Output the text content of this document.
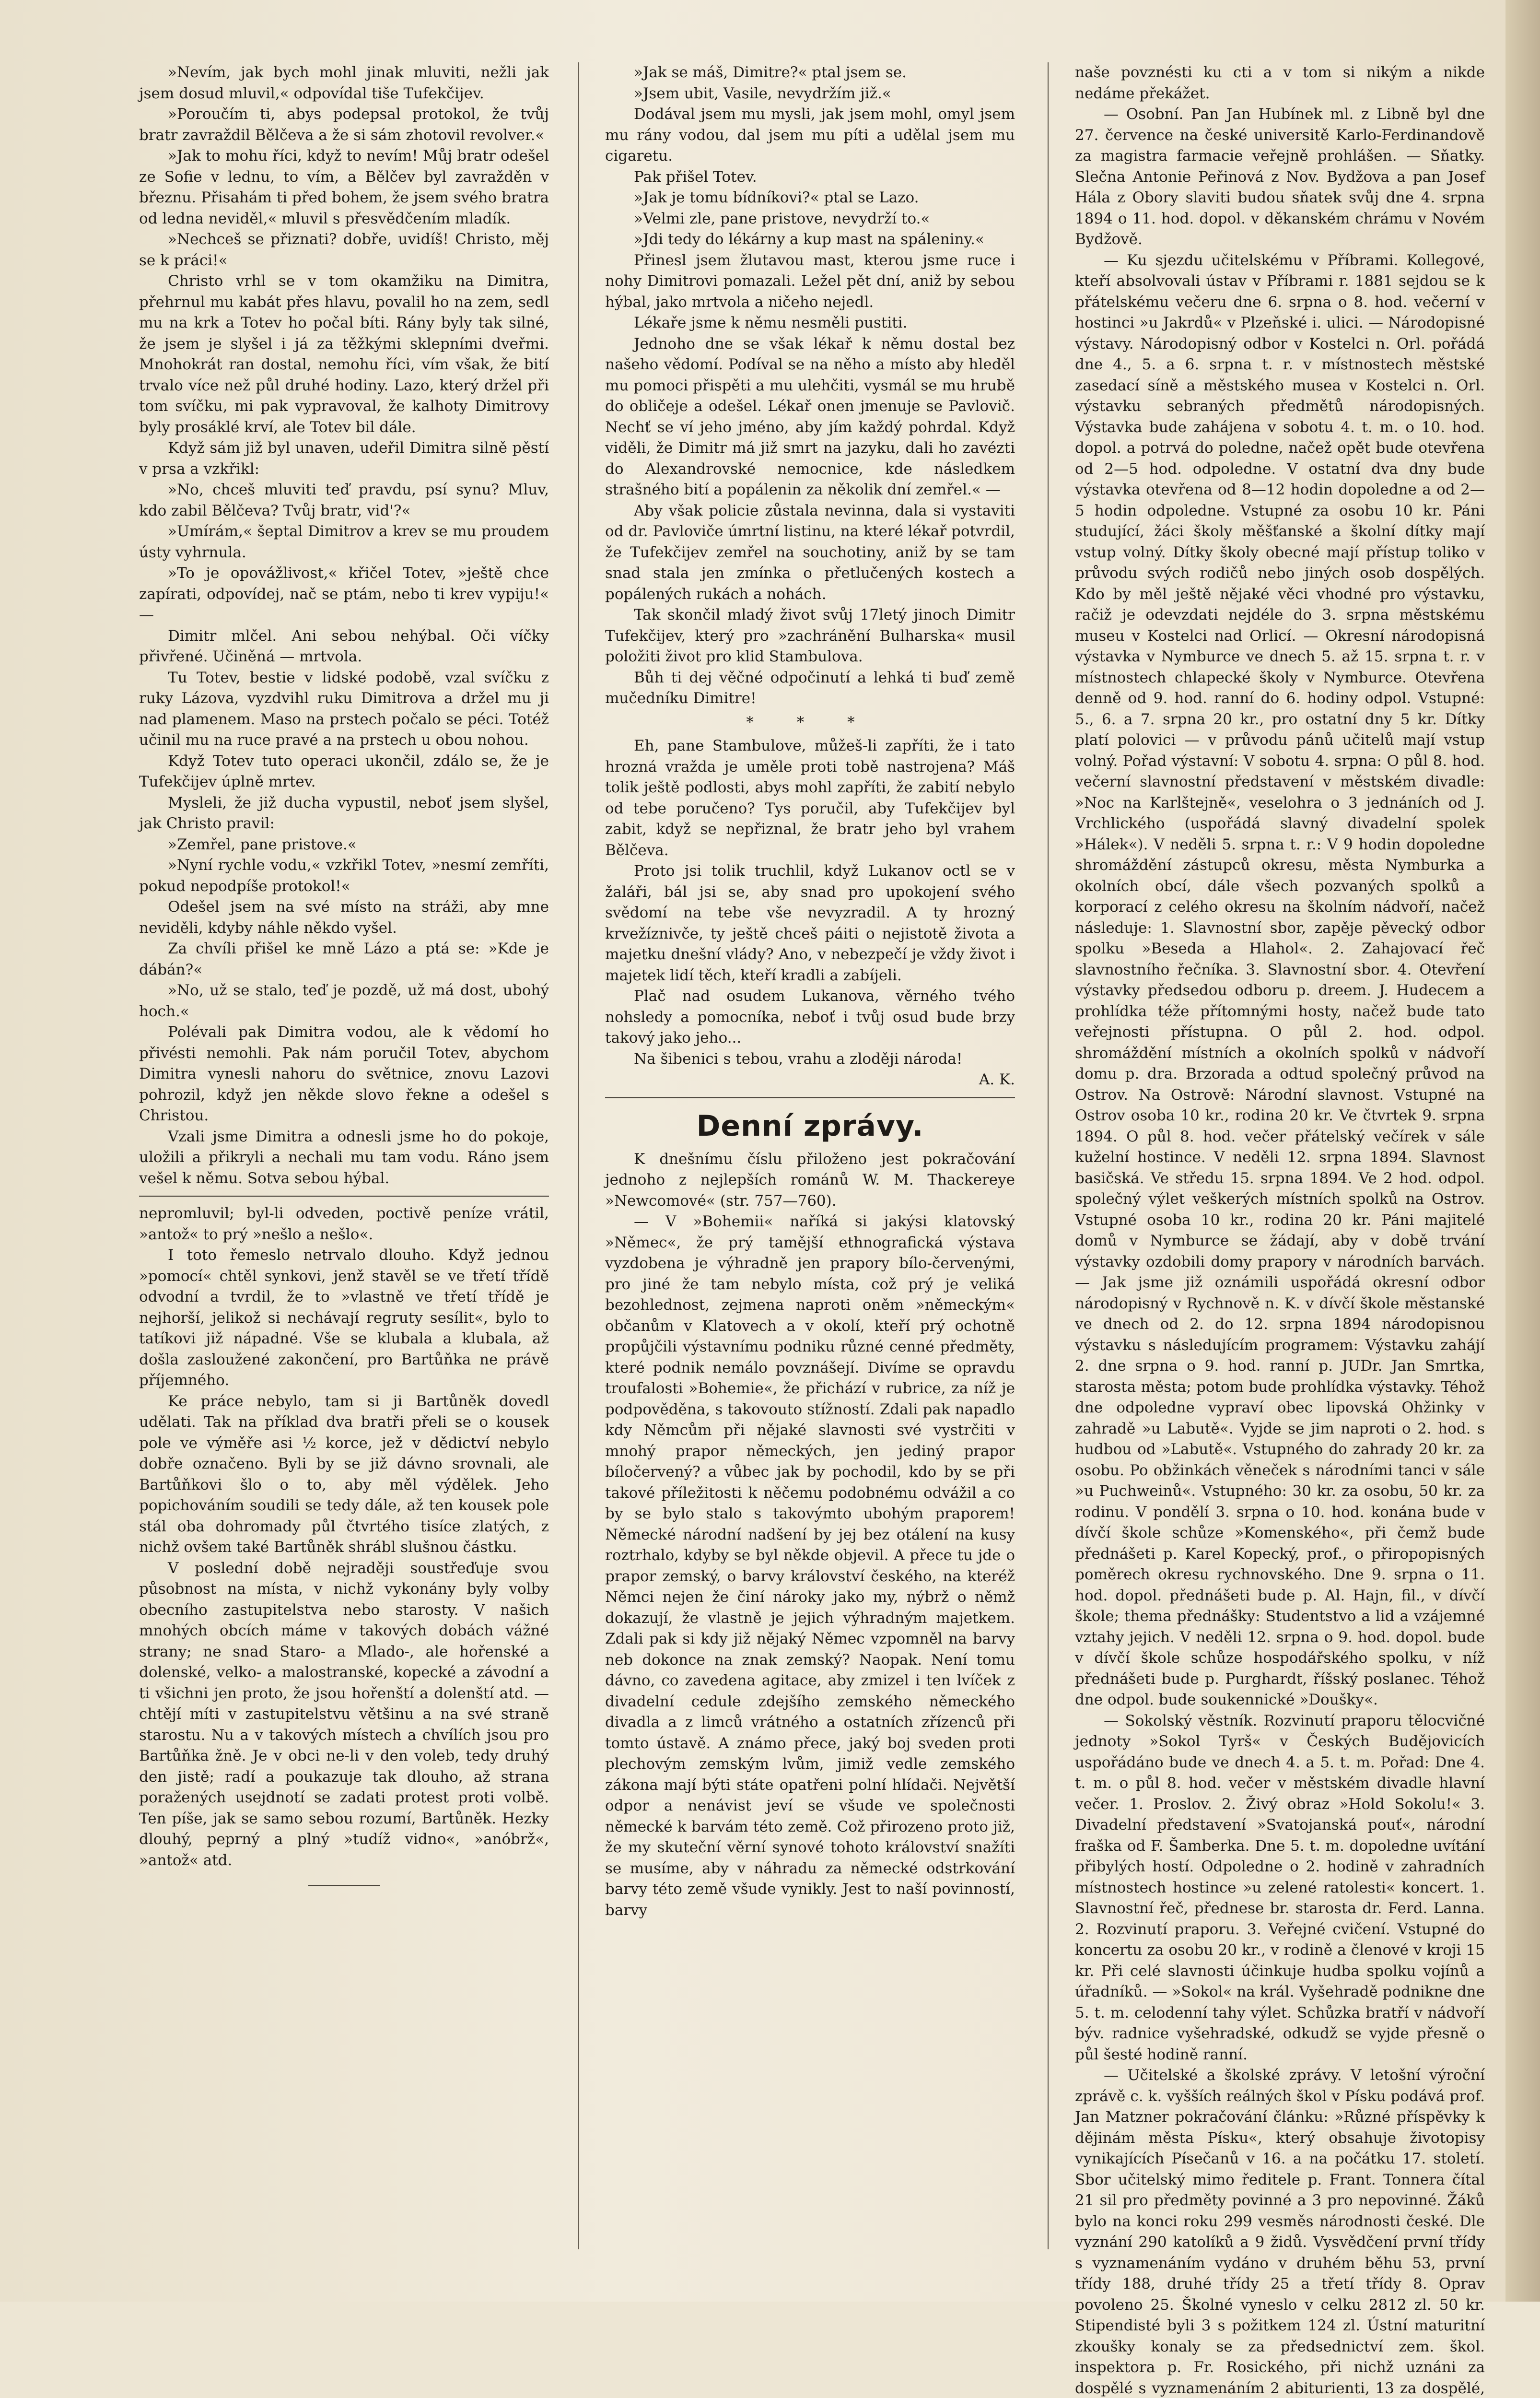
»Nevím, jak bych mohl jinak mluviti, nežli jak jsem dosud mluvil,« odpovídal tiše Tufekčijev.

»Poroučím ti, abys podepsal protokol, že tvůj bratr zavraždil Bělčeva a že si sám zhotovil revolver.«

»Jak to mohu říci, když to nevím! Můj bratr odešel ze Sofie v lednu, to vím, a Bělčev byl zavražděn v březnu. Přisahám ti před bohem, že jsem svého bratra od ledna neviděl,« mluvil s přesvědčením mladík.

»Nechceš se přiznati? dobře, uvidíš! Christo, měj se k práci!«

Christo vrhl se v tom okamžiku na Dimitra, přehrnul mu kabát přes hlavu, povalil ho na zem, sedl mu na krk a Totev ho počal bíti. Rány byly tak silné, že jsem je slyšel i já za těžkými sklepními dveřmi. Mnohokrát ran dostal, nemohu říci, vím však, že bití trvalo více než půl druhé hodiny. Lazo, který držel při tom svíčku, mi pak vypravoval, že kalhoty Dimitrovy byly prosáklé krví, ale Totev bil dále.

Když sám již byl unaven, udeřil Dimitra silně pěstí v prsa a vzkřikl:

»No, chceš mluviti teď pravdu, psí synu? Mluv, kdo zabil Bělčeva? Tvůj bratr, vid'?«

»Umírám,« šeptal Dimitrov a krev se mu proudem ústy vyhrnula.

»To je opovážlivost,« křičel Totev, »ještě chce zapírati, odpovídej, nač se ptám, nebo ti krev vypiju!« —

Dimitr mlčel. Ani sebou nehýbal. Oči víčky přivřené. Učiněná — mrtvola.

Tu Totev, bestie v lidské podobě, vzal svíčku z ruky Lázova, vyzdvihl ruku Dimitrova a držel mu ji nad plamenem. Maso na prstech počalo se péci. Totéž učinil mu na ruce pravé a na prstech u obou nohou.

Když Totev tuto operaci ukončil, zdálo se, že je Tufekčijev úplně mrtev.

Mysleli, že již ducha vypustil, neboť jsem slyšel, jak Christo pravil:

»Zemřel, pane pristove.«

»Nyní rychle vodu,« vzkřikl Totev, »nesmí zemříti, pokud nepodpíše protokol!«

Odešel jsem na své místo na stráži, aby mne neviděli, kdyby náhle někdo vyšel.

Za chvíli přišel ke mně Lázo a ptá se: »Kde je dábán?«

»No, už se stalo, teď je pozdě, už má dost, ubohý hoch.«

Polévali pak Dimitra vodou, ale k vědomí ho přivésti nemohli. Pak nám poručil Totev, abychom Dimitra vynesli nahoru do světnice, znovu Lazovi pohrozil, když jen někde slovo řekne a odešel s Christou.

Vzali jsme Dimitra a odnesli jsme ho do pokoje, uložili a přikryli a nechali mu tam vodu. Ráno jsem vešel k němu. Sotva sebou hýbal.

nepromluvil; byl-li odveden, poctivě peníze vrátil, »antož« to prý »nešlo a nešlo«.

I toto řemeslo netrvalo dlouho. Když jednou »pomocí« chtěl synkovi, jenž stavěl se ve třetí třídě odvodní a tvrdil, že to »vlastně ve třetí třídě je nejhorší, jelikož si nechávají regruty sesílit«, bylo to tatíkovi již nápadné. Vše se klubala a klubala, až došla zasloužené zakončení, pro Bartůňka ne právě příjemného.

Ke práce nebylo, tam si ji Bartůněk dovedl udělati. Tak na příklad dva bratři přeli se o kousek pole ve výměře asi ½ korce, jež v dědictví nebylo dobře označeno. Byli by se již dávno srovnali, ale Bartůňkovi šlo o to, aby měl výdělek. Jeho popichováním soudili se tedy dále, až ten kousek pole stál oba dohromady půl čtvrtého tisíce zlatých, z nichž ovšem také Bartůněk shrábl slušnou částku.

V poslední době nejraději soustřeďuje svou působnost na místa, v nichž vykonány byly volby obecního zastupitelstva nebo starosty. V našich mnohých obcích máme v takových dobách vážné strany; ne snad Staro- a Mlado-, ale hořenské a dolenské, velko- a malostranské, kopecké a závodní a ti všichni jen proto, že jsou hořenští a dolenští atd. — chtějí míti v zastupitelstvu většinu a na své straně starostu. Nu a v takových místech a chvílích jsou pro Bartůňka žně. Je v obci ne-li v den voleb, tedy druhý den jistě; radí a poukazuje tak dlouho, až strana poražených usejdnotí se zadati protest proti volbě. Ten píše, jak se samo sebou rozumí, Bartůněk. Hezky dlouhý, peprný a plný »tudíž vidno«, »anóbrž«, »antož« atd.

»Jak se máš, Dimitre?« ptal jsem se.

»Jsem ubit, Vasile, nevydržím již.«

Dodával jsem mu mysli, jak jsem mohl, omyl jsem mu rány vodou, dal jsem mu píti a udělal jsem mu cigaretu.

Pak přišel Totev.

»Jak je tomu bídníkovi?« ptal se Lazo.

»Velmi zle, pane pristove, nevydrží to.«

»Jdi tedy do lékárny a kup mast na spáleniny.«

Přinesl jsem žlutavou mast, kterou jsme ruce i nohy Dimitrovi pomazali. Ležel pět dní, aniž by sebou hýbal, jako mrtvola a ničeho nejedl.

Lékaře jsme k němu nesměli pustiti.

Jednoho dne se však lékař k němu dostal bez našeho vědomí. Podíval se na něho a místo aby hleděl mu pomoci přispěti a mu ulehčiti, vysmál se mu hrubě do obličeje a odešel. Lékař onen jmenuje se Pavlovič. Nechť se ví jeho jméno, aby jím každý pohrdal. Když viděli, že Dimitr má již smrt na jazyku, dali ho zavézti do Alexandrovské nemocnice, kde následkem strašného bití a popálenin za několik dní zemřel.« —

Aby však policie zůstala nevinna, dala si vystaviti od dr. Pavloviče úmrtní listinu, na které lékař potvrdil, že Tufekčijev zemřel na souchotiny, aniž by se tam snad stala jen zmínka o přetlučených kostech a popálených rukách a nohách.

Tak skončil mladý život svůj 17letý jinoch Dimitr Tufekčijev, který pro »zachránění Bulharska« musil položiti život pro klid Stambulova.

Bůh ti dej věčné odpočinutí a lehká ti buď země mučedníku Dimitre!

* * *

Eh, pane Stambulove, můžeš-li zapříti, že i tato hrozná vražda je uměle proti tobě nastrojena? Máš tolik ještě podlosti, abys mohl zapříti, že zabití nebylo od tebe poručeno? Tys poručil, aby Tufekčijev byl zabit, když se nepřiznal, že bratr jeho byl vrahem Bělčeva.

Proto jsi tolik truchlil, když Lukanov octl se v žaláři, bál jsi se, aby snad pro upokojení svého svědomí na tebe vše nevyzradil. A ty hrozný krvežíznivče, ty ještě chceš páiti o nejistotě života a majetku dnešní vlády? Ano, v nebezpečí je vždy život i majetek lidí těch, kteří kradli a zabíjeli.

Plač nad osudem Lukanova, věrného tvého nohsledy a pomocníka, neboť i tvůj osud bude brzy takový jako jeho...

Na šibenici s tebou, vrahu a zloději národa!

A. K.
Denní zprávy.

K dnešnímu číslu přiloženo jest pokračování jednoho z nejlepších románů W. M. Thackereye »Newcomové« (str. 757—760).

— V »Bohemii« naříká si jakýsi klatovský »Němec«, že prý tamější ethnografická výstava vyzdobena je výhradně jen prapory bílo-červenými, pro jiné že tam nebylo místa, což prý je veliká bezohlednost, zejmena naproti oněm »německým« občanům v Klatovech a v okolí, kteří prý ochotně propůjčili výstavnímu podniku různé cenné předměty, které podnik nemálo povznášejí. Divíme se opravdu troufalosti »Bohemie«, že přichází v rubrice, za níž je podpověděna, s takovouto stížností. Zdali pak napadlo kdy Němcům při nějaké slavnosti své vystrčiti v mnohý prapor německých, jen jediný prapor bíločervený? a vůbec jak by pochodil, kdo by se při takové příležitosti k něčemu podobnému odvážil a co by se bylo stalo s takovýmto ubohým praporem! Německé národní nadšení by jej bez otálení na kusy roztrhalo, kdyby se byl někde objevil. A přece tu jde o prapor zemský, o barvy království českého, na kteréž Němci nejen že činí nároky jako my, nýbrž o němž dokazují, že vlastně je jejich výhradným majetkem. Zdali pak si kdy již nějaký Němec vzpomněl na barvy neb dokonce na znak zemský? Naopak. Není tomu dávno, co zavedena agitace, aby zmizel i ten lvíček z divadelní cedule zdejšího zemského německého divadla a z limců vrátného a ostatních zřízenců při tomto ústavě. A známo přece, jaký boj sveden proti plechovým zemským lvům, jimiž vedle zemského zákona mají býti státe opatřeni polní hlídači. Největší odpor a nenávist jeví se všude ve společnosti německé k barvám této země. Což přirozeno proto již, že my skuteční věrní synové tohoto království snažíti se musíme, aby v náhradu za německé odstrkování barvy této země všude vynikly. Jest to naší povinností, barvy

naše povznésti ku cti a v tom si nikým a nikde nedáme překážet.

— Osobní. Pan Jan Hubínek ml. z Libně byl dne 27. července na české universitě Karlo-Ferdinandově za magistra farmacie veřejně prohlášen. — Sňatky. Slečna Antonie Peřinová z Nov. Bydžova a pan Josef Hála z Obory slaviti budou sňatek svůj dne 4. srpna 1894 o 11. hod. dopol. v děkanském chrámu v Novém Bydžově.

— Ku sjezdu učitelskému v Příbrami. Kollegové, kteří absolvovali ústav v Příbrami r. 1881 sejdou se k přátelskému večeru dne 6. srpna o 8. hod. večerní v hostinci »u Jakrdů« v Plzeňské i. ulici. — Národopisné výstavy. Národopisný odbor v Kostelci n. Orl. pořádá dne 4., 5. a 6. srpna t. r. v místnostech městské zasedací síně a městského musea v Kostelci n. Orl. výstavku sebraných předmětů národopisných. Výstavka bude zahájena v sobotu 4. t. m. o 10. hod. dopol. a potrvá do poledne, načež opět bude otevřena od 2—5 hod. odpoledne. V ostatní dva dny bude výstavka otevřena od 8—12 hodin dopoledne a od 2—5 hodin odpoledne. Vstupné za osobu 10 kr. Páni studující, žáci školy měšťanské a školní dítky mají vstup volný. Dítky školy obecné mají přístup toliko v průvodu svých rodičů nebo jiných osob dospělých. Kdo by měl ještě nějaké věci vhodné pro výstavku, račiž je odevzdati nejdéle do 3. srpna městskému museu v Kostelci nad Orlicí. — Okresní národopisná výstavka v Nymburce ve dnech 5. až 15. srpna t. r. v místnostech chlapecké školy v Nymburce. Otevřena denně od 9. hod. ranní do 6. hodiny odpol. Vstupné: 5., 6. a 7. srpna 20 kr., pro ostatní dny 5 kr. Dítky platí polovici — v průvodu pánů učitelů mají vstup volný. Pořad výstavní: V sobotu 4. srpna: O půl 8. hod. večerní slavnostní představení v městském divadle: »Noc na Karlštejně«, veselohra o 3 jednáních od J. Vrchlického (uspořádá slavný divadelní spolek »Hálek«). V neděli 5. srpna t. r.: V 9 hodin dopoledne shromáždění zástupců okresu, města Nymburka a okolních obcí, dále všech pozvaných spolků a korporací z celého okresu na školním nádvoří, načež následuje: 1. Slavnostní sbor, zapěje pěvecký odbor spolku »Beseda a Hlahol«. 2. Zahajovací řeč slavnostního řečníka. 3. Slavnostní sbor. 4. Otevření výstavky předsedou odboru p. dreem. J. Hudecem a prohlídka téže přítomnými hosty, načež bude tato veřejnosti přístupna. O půl 2. hod. odpol. shromáždění místních a okolních spolků v nádvoří domu p. dra. Brzorada a odtud společný průvod na Ostrov. Na Ostrově: Národní slavnost. Vstupné na Ostrov osoba 10 kr., rodina 20 kr. Ve čtvrtek 9. srpna 1894. O půl 8. hod. večer přátelský večírek v sále kuželní hostince. V neděli 12. srpna 1894. Slavnost basičská. Ve středu 15. srpna 1894. Ve 2 hod. odpol. společný výlet veškerých místních spolků na Ostrov. Vstupné osoba 10 kr., rodina 20 kr. Páni majitelé domů v Nymburce se žádají, aby v době trvání výstavky ozdobili domy prapory v národních barvách. — Jak jsme již oznámili uspořádá okresní odbor národopisný v Rychnově n. K. v dívčí škole městanské ve dnech od 2. do 12. srpna 1894 národopisnou výstavku s následujícím programem: Výstavku zahájí 2. dne srpna o 9. hod. ranní p. JUDr. Jan Smrtka, starosta města; potom bude prohlídka výstavky. Téhož dne odpoledne vypraví obec lipovská Ohžinky v zahradě »u Labutě«. Vyjde se jim naproti o 2. hod. s hudbou od »Labutě«. Vstupného do zahrady 20 kr. za osobu. Po obžinkách věneček s národními tanci v sále »u Puchweinů«. Vstupného: 30 kr. za osobu, 50 kr. za rodinu. V pondělí 3. srpna o 10. hod. konána bude v dívčí škole schůze »Komenského«, při čemž bude přednášeti p. Karel Kopecký, prof., o přiropopisných poměrech okresu rychnovského. Dne 9. srpna o 11. hod. dopol. přednášeti bude p. Al. Hajn, fil., v dívčí škole; thema přednášky: Studentstvo a lid a vzájemné vztahy jejich. V neděli 12. srpna o 9. hod. dopol. bude v dívčí škole schůze hospodářského spolku, v níž přednášeti bude p. Purghardt, říšský poslanec. Téhož dne odpol. bude soukennické »Doušky«.

— Sokolský věstník. Rozvinutí praporu tělocvičné jednoty »Sokol Tyrš« v Českých Budějovicích uspořádáno bude ve dnech 4. a 5. t. m. Pořad: Dne 4. t. m. o půl 8. hod. večer v městském divadle hlavní večer. 1. Proslov. 2. Živý obraz »Hold Sokolu!« 3. Divadelní představení »Svatojanská pouť«, národní fraška od F. Šamberka. Dne 5. t. m. dopoledne uvítání přibylých hostí. Odpoledne o 2. hodině v zahradních místnostech hostince »u zelené ratolesti« koncert. 1. Slavnostní řeč, přednese br. starosta dr. Ferd. Lanna. 2. Rozvinutí praporu. 3. Veřejné cvičení. Vstupné do koncertu za osobu 20 kr., v rodině a členové v kroji 15 kr. Při celé slavnosti účinkuje hudba spolku vojínů a úřadníků. — »Sokol« na král. Vyšehradě podnikne dne 5. t. m. celodenní tahy výlet. Schůzka bratří v nádvoří býv. radnice vyšehradské, odkudž se vyjde přesně o půl šesté hodině ranní.

— Učitelské a školské zprávy. V letošní výroční zprávě c. k. vyšších reálných škol v Písku podává prof. Jan Matzner pokračování článku: »Různé příspěvky k dějinám města Písku«, který obsahuje životopisy vynikajících Písečanů v 16. a na počátku 17. století. Sbor učitelský mimo ředitele p. Frant. Tonnera čítal 21 sil pro předměty povinné a 3 pro nepovinné. Žáků bylo na konci roku 299 vesměs národnosti české. Dle vyznání 290 katolíků a 9 židů. Vysvědčení první třídy s vyznamenáním vydáno v druhém běhu 53, první třídy 188, druhé třídy 25 a třetí třídy 8. Oprav povoleno 25. Školné vyneslo v celku 2812 zl. 50 kr. Stipendisté byli 3 s požitkem 124 zl. Ústní maturitní zkoušky konaly se za předsednictví zem. škol. inspektora p. Fr. Rosického, při nichž uznáni za dospělé s vyznamenáním 2 abiturienti, 13 za dospělé,
